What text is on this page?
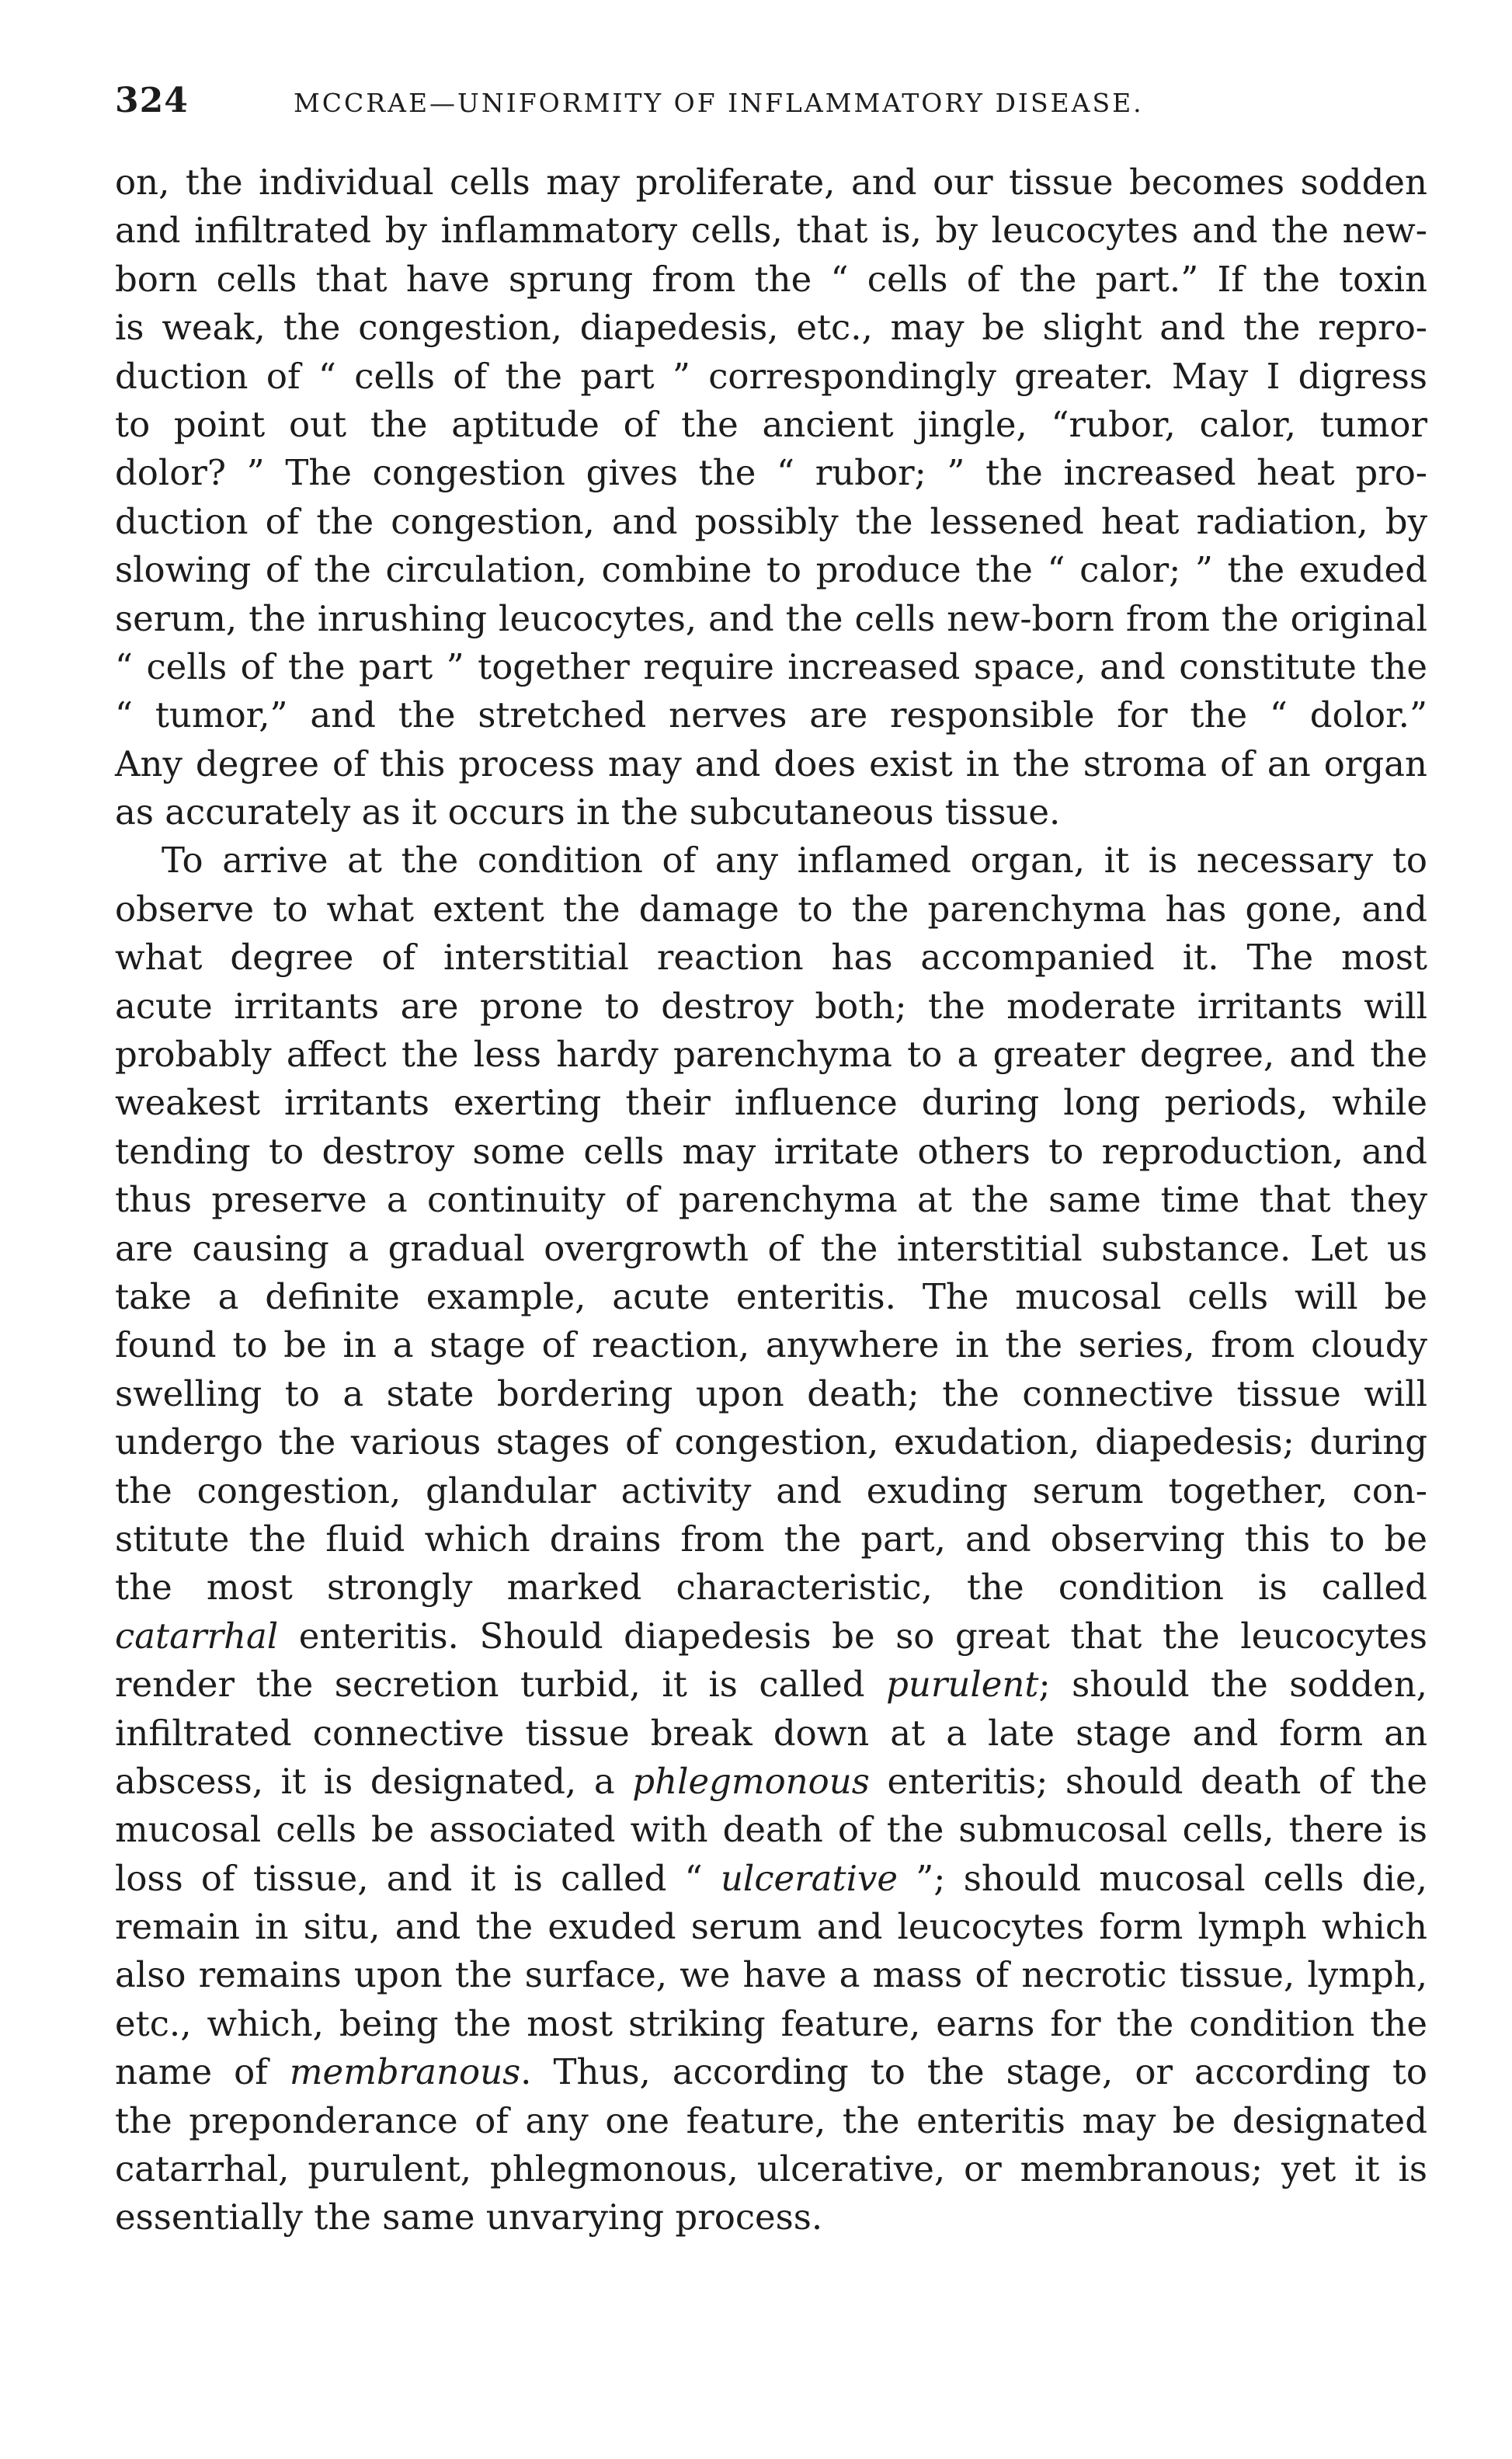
324	MCCRAE—UNIFORMITY OF INFLAMMATORY DISEASE.
on, the individual cells may proliferate, and our tissue becomes sodden
and infiltrated by inflammatory cells, that is, by leucocytes and the new-
born cells that have sprung from the “ cells of the part.” If the toxin
is weak, the congestion, diapedesis, etc., may be slight and the repro-
duction of “ cells of the part ” correspondingly greater. May I digress
to point out the aptitude of the ancient jingle, “rubor, calor, tumor
dolor? ” The congestion gives the “ rubor; ” the increased heat pro-
duction of the congestion, and possibly the lessened heat radiation, by
slowing of the circulation, combine to produce the “ calor; ” the exuded
serum, the inrushing leucocytes, and the cells new-born from the original
“ cells of the part ” together require increased space, and constitute the
“ tumor,” and the stretched nerves are responsible for the “ dolor.”
Any degree of this process may and does exist in the stroma of an organ
as accurately as it occurs in the subcutaneous tissue.
To arrive at the condition of any inflamed organ, it is necessary to
observe to what extent the damage to the parenchyma has gone, and
what degree of interstitial reaction has accompanied it. The most
acute irritants are prone to destroy both; the moderate irritants will
probably affect the less hardy parenchyma to a greater degree, and the
weakest irritants exerting their influence during long periods, while
tending to destroy some cells may irritate others to reproduction, and
thus preserve a continuity of parenchyma at the same time that they
are causing a gradual overgrowth of the interstitial substance. Let us
take a definite example, acute enteritis. The mucosal cells will be
found to be in a stage of reaction, anywhere in the series, from cloudy
swelling to a state bordering upon death; the connective tissue will
undergo the various stages of congestion, exudation, diapedesis; during
the congestion, glandular activity and exuding serum together, con-
stitute the fluid which drains from the part, and observing this to be
the most strongly marked characteristic, the condition is called
catarrhal enteritis. Should diapedesis be so great that the leucocytes
render the secretion turbid, it is called purulent; should the sodden,
infiltrated connective tissue break down at a late stage and form an
abscess, it is designated, a phlegmonous enteritis; should death of the
mucosal cells be associated with death of the submucosal cells, there is
loss of tissue, and it is called “ ulcerative ”; should mucosal cells die,
remain in situ, and the exuded serum and leucocytes form lymph which
also remains upon the surface, we have a mass of necrotic tissue, lymph,
etc., which, being the most striking feature, earns for the condition the
name of membranous. Thus, according to the stage, or according to
the preponderance of any one feature, the enteritis may be designated
catarrhal, purulent, phlegmonous, ulcerative, or membranous; yet it is
essentially the same unvarying process.
